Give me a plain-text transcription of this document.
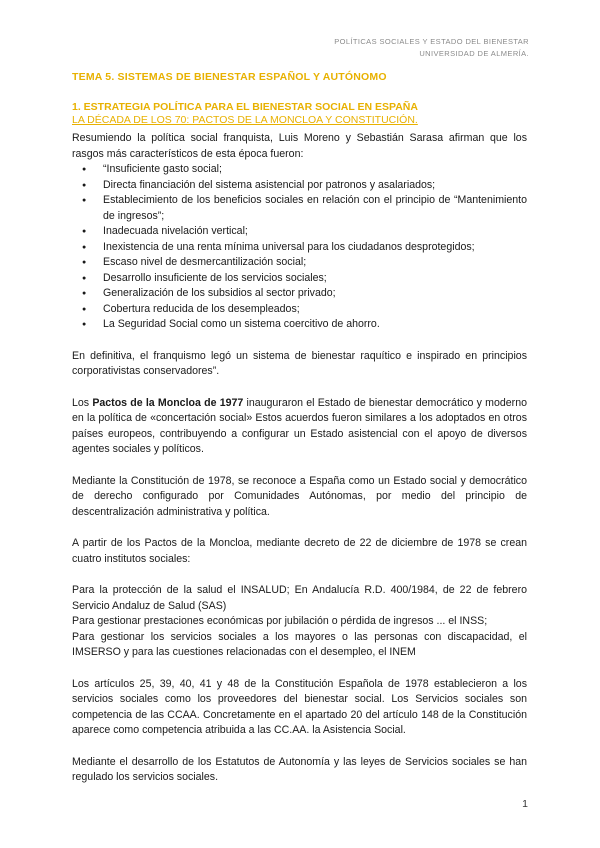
POLÍTICAS SOCIALES Y ESTADO DEL BIENESTAR
UNIVERSIDAD DE ALMERÍA.
TEMA 5. SISTEMAS DE BIENESTAR ESPAÑOL Y AUTÓNOMO
1. ESTRATEGIA POLÍTICA PARA EL BIENESTAR SOCIAL EN ESPAÑA
LA DÉCADA DE LOS 70: PACTOS DE LA MONCLOA Y CONSTITUCIÓN.

Resumiendo la política social franquista, Luis Moreno y Sebastián Sarasa afirman que los rasgos más característicos de esta época fueron:

● “Insuficiente gasto social;
● Directa financiación del sistema asistencial por patronos y asalariados;
● Establecimiento de los beneficios sociales en relación con el principio de “Mantenimiento de ingresos”;
● Inadecuada nivelación vertical;
● Inexistencia de una renta mínima universal para los ciudadanos desprotegidos;
● Escaso nivel de desmercantilización social;
● Desarrollo insuficiente de los servicios sociales;
● Generalización de los subsidios al sector privado;
● Cobertura reducida de los desempleados;
● La Seguridad Social como un sistema coercitivo de ahorro.

En definitiva, el franquismo legó un sistema de bienestar raquítico e inspirado en principios corporativistas conservadores”.

Los Pactos de la Moncloa de 1977 inauguraron el Estado de bienestar democrático y moderno en la política de «concertación social» Estos acuerdos fueron similares a los adoptados en otros países europeos, contribuyendo a configurar un Estado asistencial con el apoyo de diversos agentes sociales y políticos.

Mediante la Constitución de 1978, se reconoce a España como un Estado social y democrático de derecho configurado por Comunidades Autónomas, por medio del principio de descentralización administrativa y política.

A partir de los Pactos de la Moncloa, mediante decreto de 22 de diciembre de 1978 se crean cuatro institutos sociales:

Para la protección de la salud el INSALUD; En Andalucía R.D. 400/1984, de 22 de febrero Servicio Andaluz de Salud (SAS)

Para gestionar prestaciones económicas por jubilación o pérdida de ingresos ... el INSS;

Para gestionar los servicios sociales a los mayores o las personas con discapacidad, el IMSERSO y para las cuestiones relacionadas con el desempleo, el INEM

Los artículos 25, 39, 40, 41 y 48 de la Constitución Española de 1978 establecieron a los servicios sociales como los proveedores del bienestar social. Los Servicios sociales son competencia de las CCAA. Concretamente en el apartado 20 del artículo 148 de la Constitución aparece como competencia atribuida a las CC.AA. la Asistencia Social.

Mediante el desarrollo de los Estatutos de Autonomía y las leyes de Servicios sociales se han regulado los servicios sociales.

1
